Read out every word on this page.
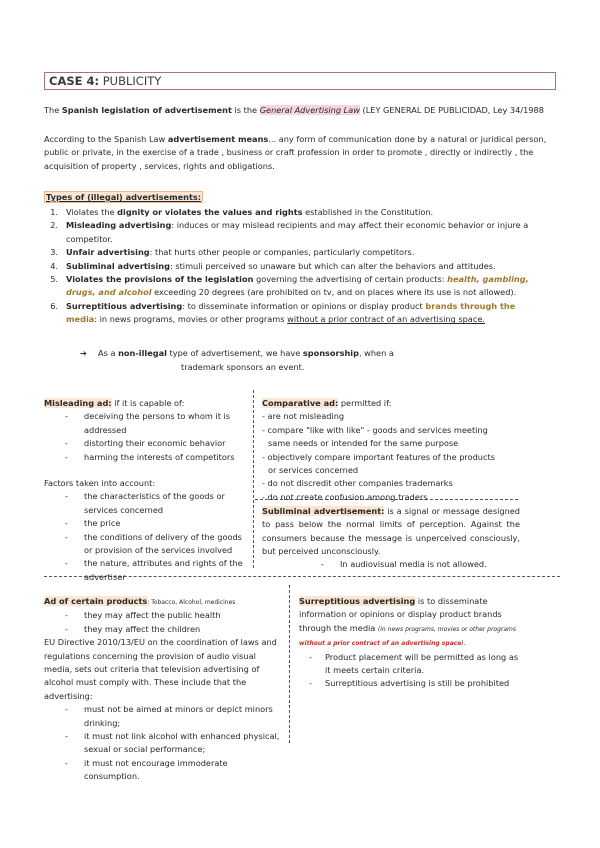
CASE 4: PUBLICITY
The Spanish legislation of advertisement is the General Advertising Law (LEY GENERAL DE PUBLICIDAD, Ley 34/1988
According to the Spanish Law advertisement means... any form of communication done by a natural or juridical person, public or private, in the exercise of a trade , business or craft profession in order to promote , directly or indirectly , the acquisition of property , services, rights and obligations.
Types of (illegal) advertisements:
1. Violates the dignity or violates the values and rights established in the Constitution.
2. Misleading advertising: induces or may mislead recipients and may affect their economic behavior or injure a competitor.
3. Unfair advertising: that hurts other people or companies, particularly competitors.
4. Subliminal advertising: stimuli perceived so unaware but which can alter the behaviors and attitudes.
5. Violates the provisions of the legislation governing the advertising of certain products: health, gambling, drugs, and alcohol exceeding 20 degrees (are prohibited on tv, and on places where its use is not allowed).
6. Surreptitious advertising: to disseminate information or opinions or display product brands through the media: in news programs, movies or other programs without a prior contract of an advertising space.
➔ As a non-illegal type of advertisement, we have sponsorship, when a
trademark sponsors an event.
Misleading ad: if it is capable of:
- deceiving the persons to whom it is addressed
- distorting their economic behavior
- harming the interests of competitors
Factors taken into account:
- the characteristics of the goods or services concerned
- the price
- the conditions of delivery of the goods or provision of the services involved
- the nature, attributes and rights of the advertiser
Comparative ad: permitted if:
- are not misleading
- compare "like with like" - goods and services meeting same needs or intended for the same purpose
- objectively compare important features of the products or services concerned
- do not discredit other companies trademarks
- do not create confusion among traders
Subliminal advertisement: is a signal or message designed to pass below the normal limits of perception. Against the consumers because the message is unperceived consciously, but perceived unconsciously.
- In audiovisual media is not allowed.
Ad of certain products: Tobacco, Alcohol, medicines
- they may affect the public health
- they may affect the children
EU Directive 2010/13/EU on the coordination of laws and regulations concerning the provision of audio visual media, sets out criteria that television advertising of alcohol must comply with. These include that the advertising:
- must not be aimed at minors or depict minors drinking;
- it must not link alcohol with enhanced physical, sexual or social performance;
- it must not encourage immoderate consumption.
Surreptitious advertising is to disseminate information or opinions or display product brands through the media (in news programs, movies or other programs without a prior contract of an advertising space).
- Product placement will be permitted as long as it meets certain criteria.
- Surreptitious advertising is still be prohibited
